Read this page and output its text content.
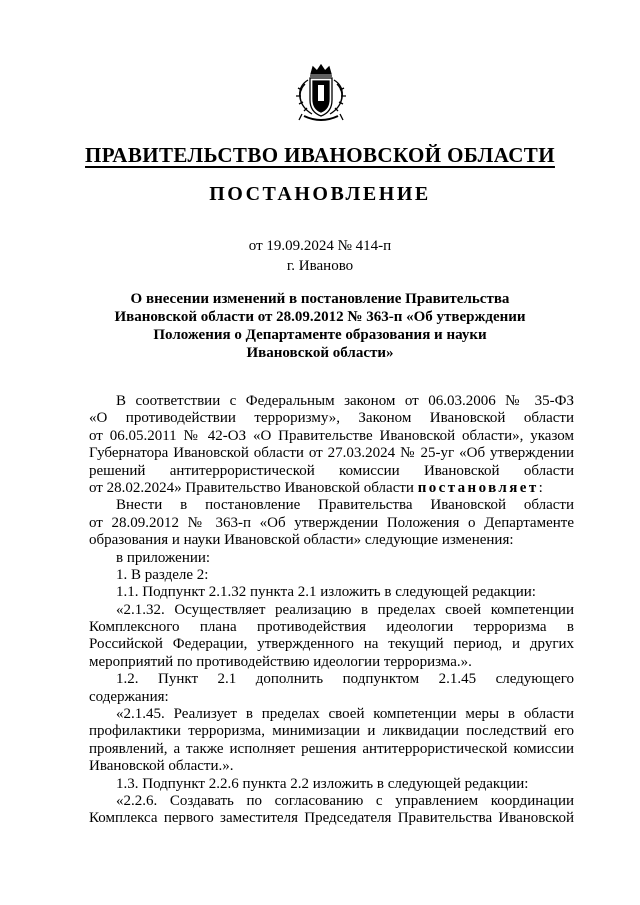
ПРАВИТЕЛЬСТВО ИВАНОВСКОЙ ОБЛАСТИ
ПОСТАНОВЛЕНИЕ
от 19.09.2024 № 414-п
г. Иваново
О внесении изменений в постановление Правительства
Ивановской области от 28.09.2012 № 363-п «Об утверждении
Положения о Департаменте образования и науки
Ивановской области»
В соответствии с Федеральным законом от 06.03.2006 № 35-ФЗ
«О противодействии терроризму», Законом Ивановской области
от 06.05.2011 № 42-ОЗ «О Правительстве Ивановской области», указом
Губернатора Ивановской области от 27.03.2024 № 25-уг «Об утверждении
решений антитеррористической комиссии Ивановской области
от 28.02.2024» Правительство Ивановской области постановляет:
Внести в постановление Правительства Ивановской области
от 28.09.2012 № 363-п «Об утверждении Положения о Департаменте
образования и науки Ивановской области» следующие изменения:
в приложении:
1. В разделе 2:
1.1. Подпункт 2.1.32 пункта 2.1 изложить в следующей редакции:
«2.1.32. Осуществляет реализацию в пределах своей компетенции
Комплексного плана противодействия идеологии терроризма в
Российской Федерации, утвержденного на текущий период, и других
мероприятий по противодействию идеологии терроризма.».
1.2. Пункт 2.1 дополнить подпунктом 2.1.45 следующего
содержания:
«2.1.45. Реализует в пределах своей компетенции меры в области
профилактики терроризма, минимизации и ликвидации последствий его
проявлений, а также исполняет решения антитеррористической комиссии
Ивановской области.».
1.3. Подпункт 2.2.6 пункта 2.2 изложить в следующей редакции:
«2.2.6. Создавать по согласованию с управлением координации
Комплекса первого заместителя Председателя Правительства Ивановской
